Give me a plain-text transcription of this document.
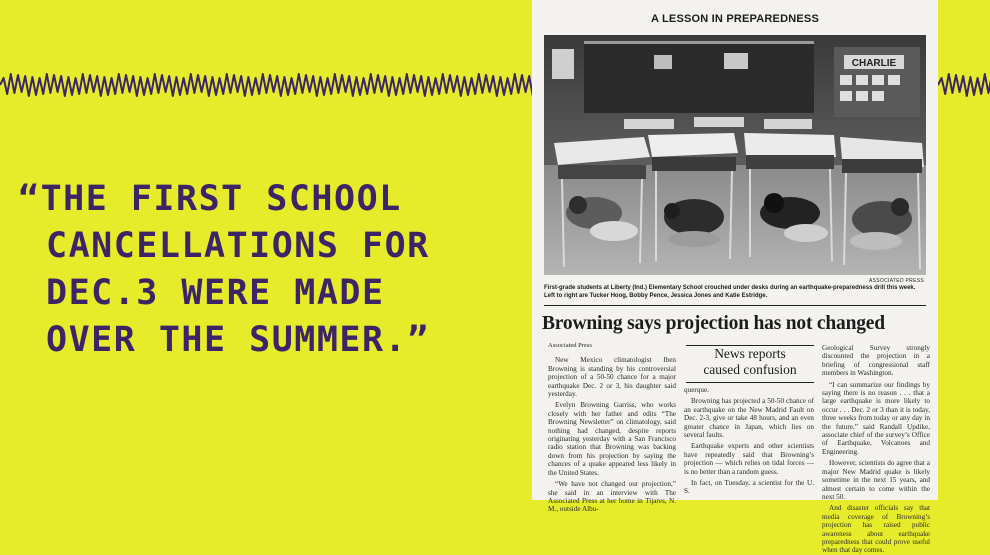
“THE FIRST SCHOOL
CANCELLATIONS FOR
DEC.3 WERE MADE
OVER THE SUMMER.”
A LESSON IN PREPAREDNESS
CHARLIE
ASSOCIATED PRESS
First-grade students at Liberty (Ind.) Elementary School crouched under desks during an earthquake-preparedness drill this week. Left to right are Tucker Hoog, Bobby Pence, Jessica Jones and Katie Estridge.
Browning says projection has not changed

Associated Press

New Mexico climatologist Iben Browning is standing by his controversial projection of a 50-50 chance for a major earthquake Dec. 2 or 3, his daughter said yesterday.

Evelyn Browning Garriss, who works closely with her father and edits “The Browning Newsletter” on climatology, said nothing had changed, despite reports originating yesterday with a San Francisco radio station that Browning was backing down from his projection by saying the chances of a quake appeared less likely in the United States.

“We have not changed our projection,” she said in an interview with The Associated Press at her home in Tijares, N. M., outside Albu-

News reports
caused confusion

querque.

Browning has projected a 50-50 chance of an earthquake on the New Madrid Fault on Dec. 2-3, give or take 48 hours, and an even greater chance in Japan, which lies on several faults.

Earthquake experts and other scientists have repeatedly said that Browning’s projection — which relies on tidal forces — is no better than a random guess.

In fact, on Tuesday, a scientist for the U. S.

Geological Survey strongly discounted the projection in a briefing of congressional staff members in Washington.

“I can summarize our findings by saying there is no reason . . . that a large earthquake is more likely to occur . . . Dec. 2 or 3 than it is today, three weeks from today or any day in the future,” said Randall Updike, associate chief of the survey’s Office of Earthquake, Volcanoes and Engineering.

However, scientists do agree that a major New Madrid quake is likely sometime in the next 15 years, and almost certain to come within the next 50.

And disaster officials say that media coverage of Browning’s projection has raised public awareness about earthquake preparedness that could prove useful when that day comes.
